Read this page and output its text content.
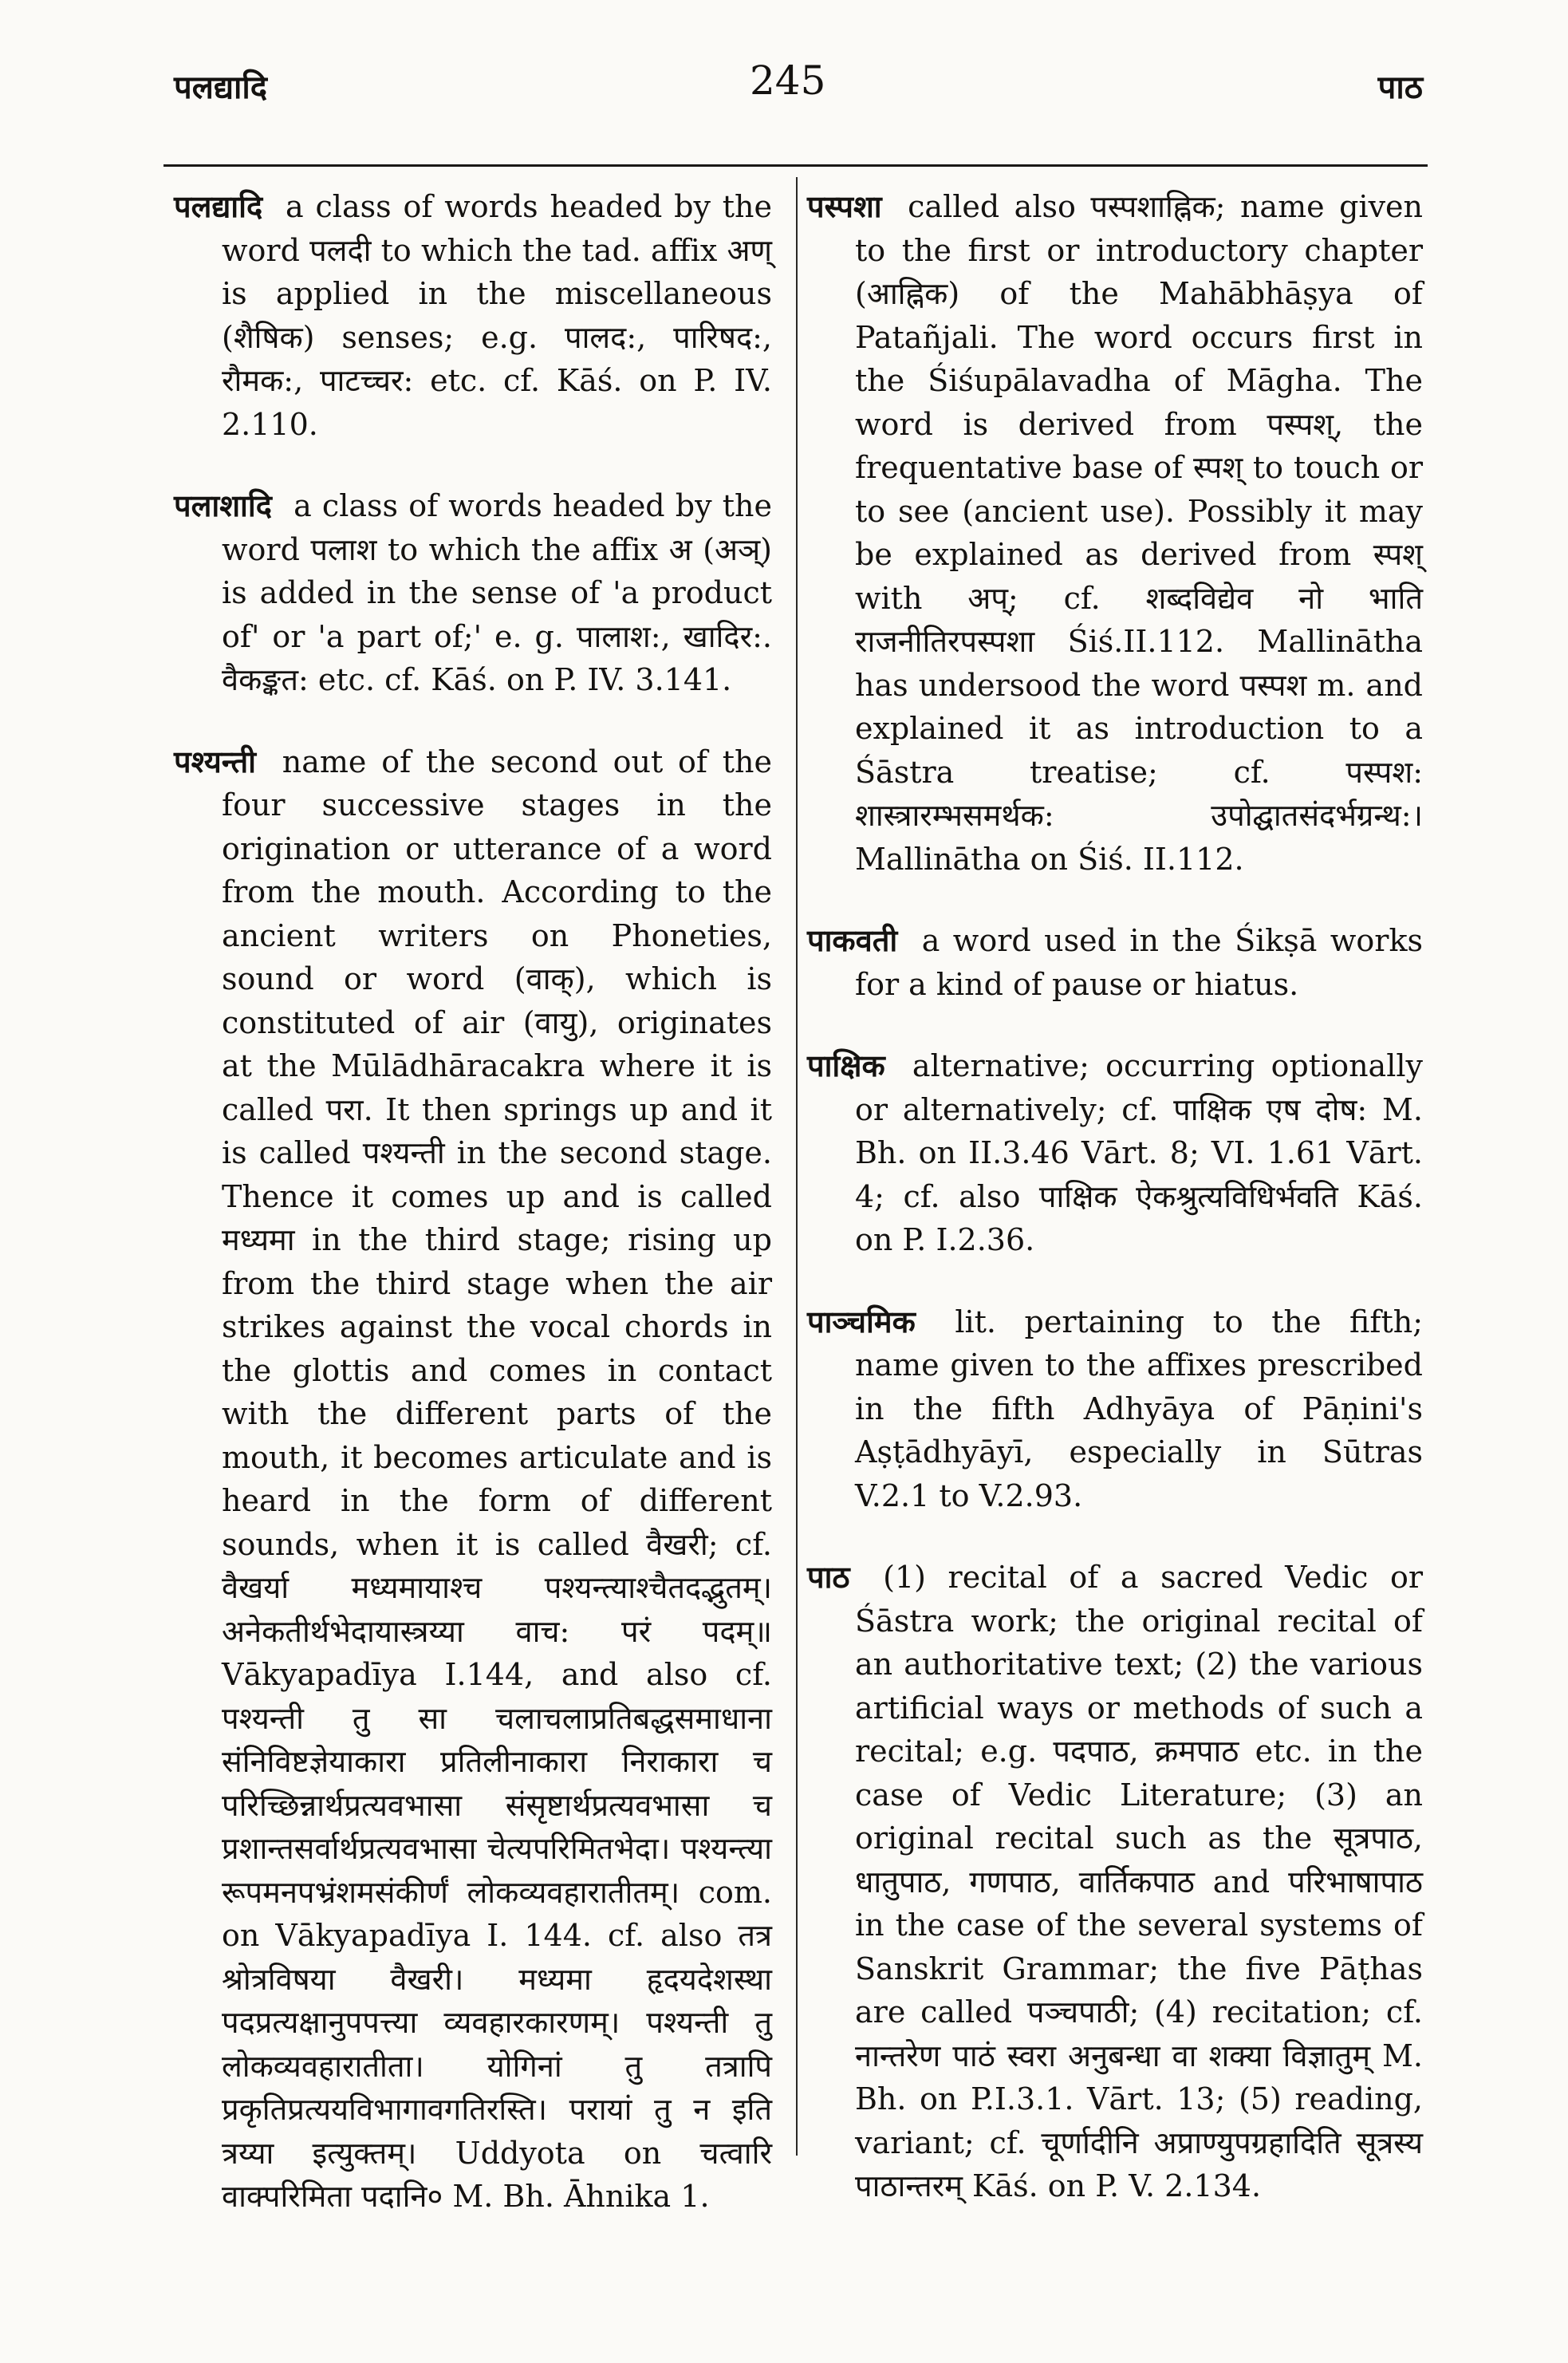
पलद्यादि	245	पाठ

पलद्यादि a class of words headed by the word पलदी to which the tad. affix अण् is applied in the miscellaneous (शैषिक) senses; e.g. पालद:, पारिषद:, रौमक:, पाटच्चर: etc. cf. Kāś. on P. IV. 2.110.

पलाशादि a class of words headed by the word पलाश to which the affix अ (अञ्) is added in the sense of 'a product of' or 'a part of;' e. g. पालाश:, खादिर:. वैकङ्कत: etc. cf. Kāś. on P. IV. 3.141.

पश्यन्ती name of the second out of the four successive stages in the origination or utterance of a word from the mouth. According to the ancient writers on Phoneties, sound or word (वाक्), which is constituted of air (वायु), originates at the Mūlādhāracakra where it is called परा. It then springs up and it is called पश्यन्ती in the second stage. Thence it comes up and is called मध्यमा in the third stage; rising up from the third stage when the air strikes against the vocal chords in the glottis and comes in contact with the different parts of the mouth, it becomes articulate and is heard in the form of different sounds, when it is called वैखरी; cf. वैखर्या मध्यमायाश्च पश्यन्त्याश्चैतदद्भुतम्। अनेकतीर्थभेदायास्त्रय्या वाच: परं पदम्॥ Vākyapadīya I.144, and also cf. पश्यन्ती तु सा चलाचलाप्रतिबद्धसमाधाना संनिविष्टज्ञेयाकारा प्रतिलीनाकारा निराकारा च परिच्छिन्नार्थप्रत्यवभासा संसृष्टार्थप्रत्यवभासा च प्रशान्तसर्वार्थप्रत्यवभासा चेत्यपरिमितभेदा। पश्यन्त्या रूपमनपभ्रंशमसंकीर्णं लोकव्यवहारातीतम्। com. on Vākyapadīya I. 144. cf. also तत्र श्रोत्रविषया वैखरी। मध्यमा हृदयदेशस्था पदप्रत्यक्षानुपपत्त्या व्यवहारकारणम्। पश्यन्ती तु लोकव्यवहारातीता। योगिनां तु तत्रापि प्रकृतिप्रत्ययविभागावगतिरस्ति। परायां तु न इति त्रय्या इत्युक्तम्। Uddyota on चत्वारि वाक्परिमिता पदानि० M. Bh. Āhnika 1.

पस्पशा called also पस्पशाह्निक; name given to the first or introductory chapter (आह्निक) of the Mahābhāṣya of Patañjali. The word occurs first in the Śiśupālavadha of Māgha. The word is derived from पस्पश्, the frequentative base of स्पश् to touch or to see (ancient use). Possibly it may be explained as derived from स्पश् with अप्; cf. शब्दविद्येव नो भाति राजनीतिरपस्पशा Śiś.II.112. Mallinātha has undersood the word पस्पश m. and explained it as introduction to a Śāstra treatise; cf. पस्पश: शास्त्रारम्भसमर्थक: उपोद्घातसंदर्भग्रन्थ:। Mallinātha on Śiś. II.112.

पाकवती a word used in the Śikṣā works for a kind of pause or hiatus.

पाक्षिक alternative; occurring optionally or alternatively; cf. पाक्षिक एष दोष: M. Bh. on II.3.46 Vārt. 8; VI. 1.61 Vārt. 4; cf. also पाक्षिक ऐकश्रुत्यविधिर्भवति Kāś. on P. I.2.36.

पाञ्चमिक lit. pertaining to the fifth; name given to the affixes prescribed in the fifth Adhyāya of Pāṇini's Aṣṭādhyāyī, especially in Sūtras V.2.1 to V.2.93.

पाठ (1) recital of a sacred Vedic or Śāstra work; the original recital of an authoritative text; (2) the various artificial ways or methods of such a recital; e.g. पदपाठ, क्रमपाठ etc. in the case of Vedic Literature; (3) an original recital such as the सूत्रपाठ, धातुपाठ, गणपाठ, वार्तिकपाठ and परिभाषापाठ in the case of the several systems of Sanskrit Grammar; the five Pāṭhas are called पञ्चपाठी; (4) recitation; cf. नान्तरेण पाठं स्वरा अनुबन्धा वा शक्या विज्ञातुम् M. Bh. on P.I.3.1. Vārt. 13; (5) reading, variant; cf. चूर्णादीनि अप्राण्युपग्रहादिति सूत्रस्य पाठान्तरम् Kāś. on P. V. 2.134.
